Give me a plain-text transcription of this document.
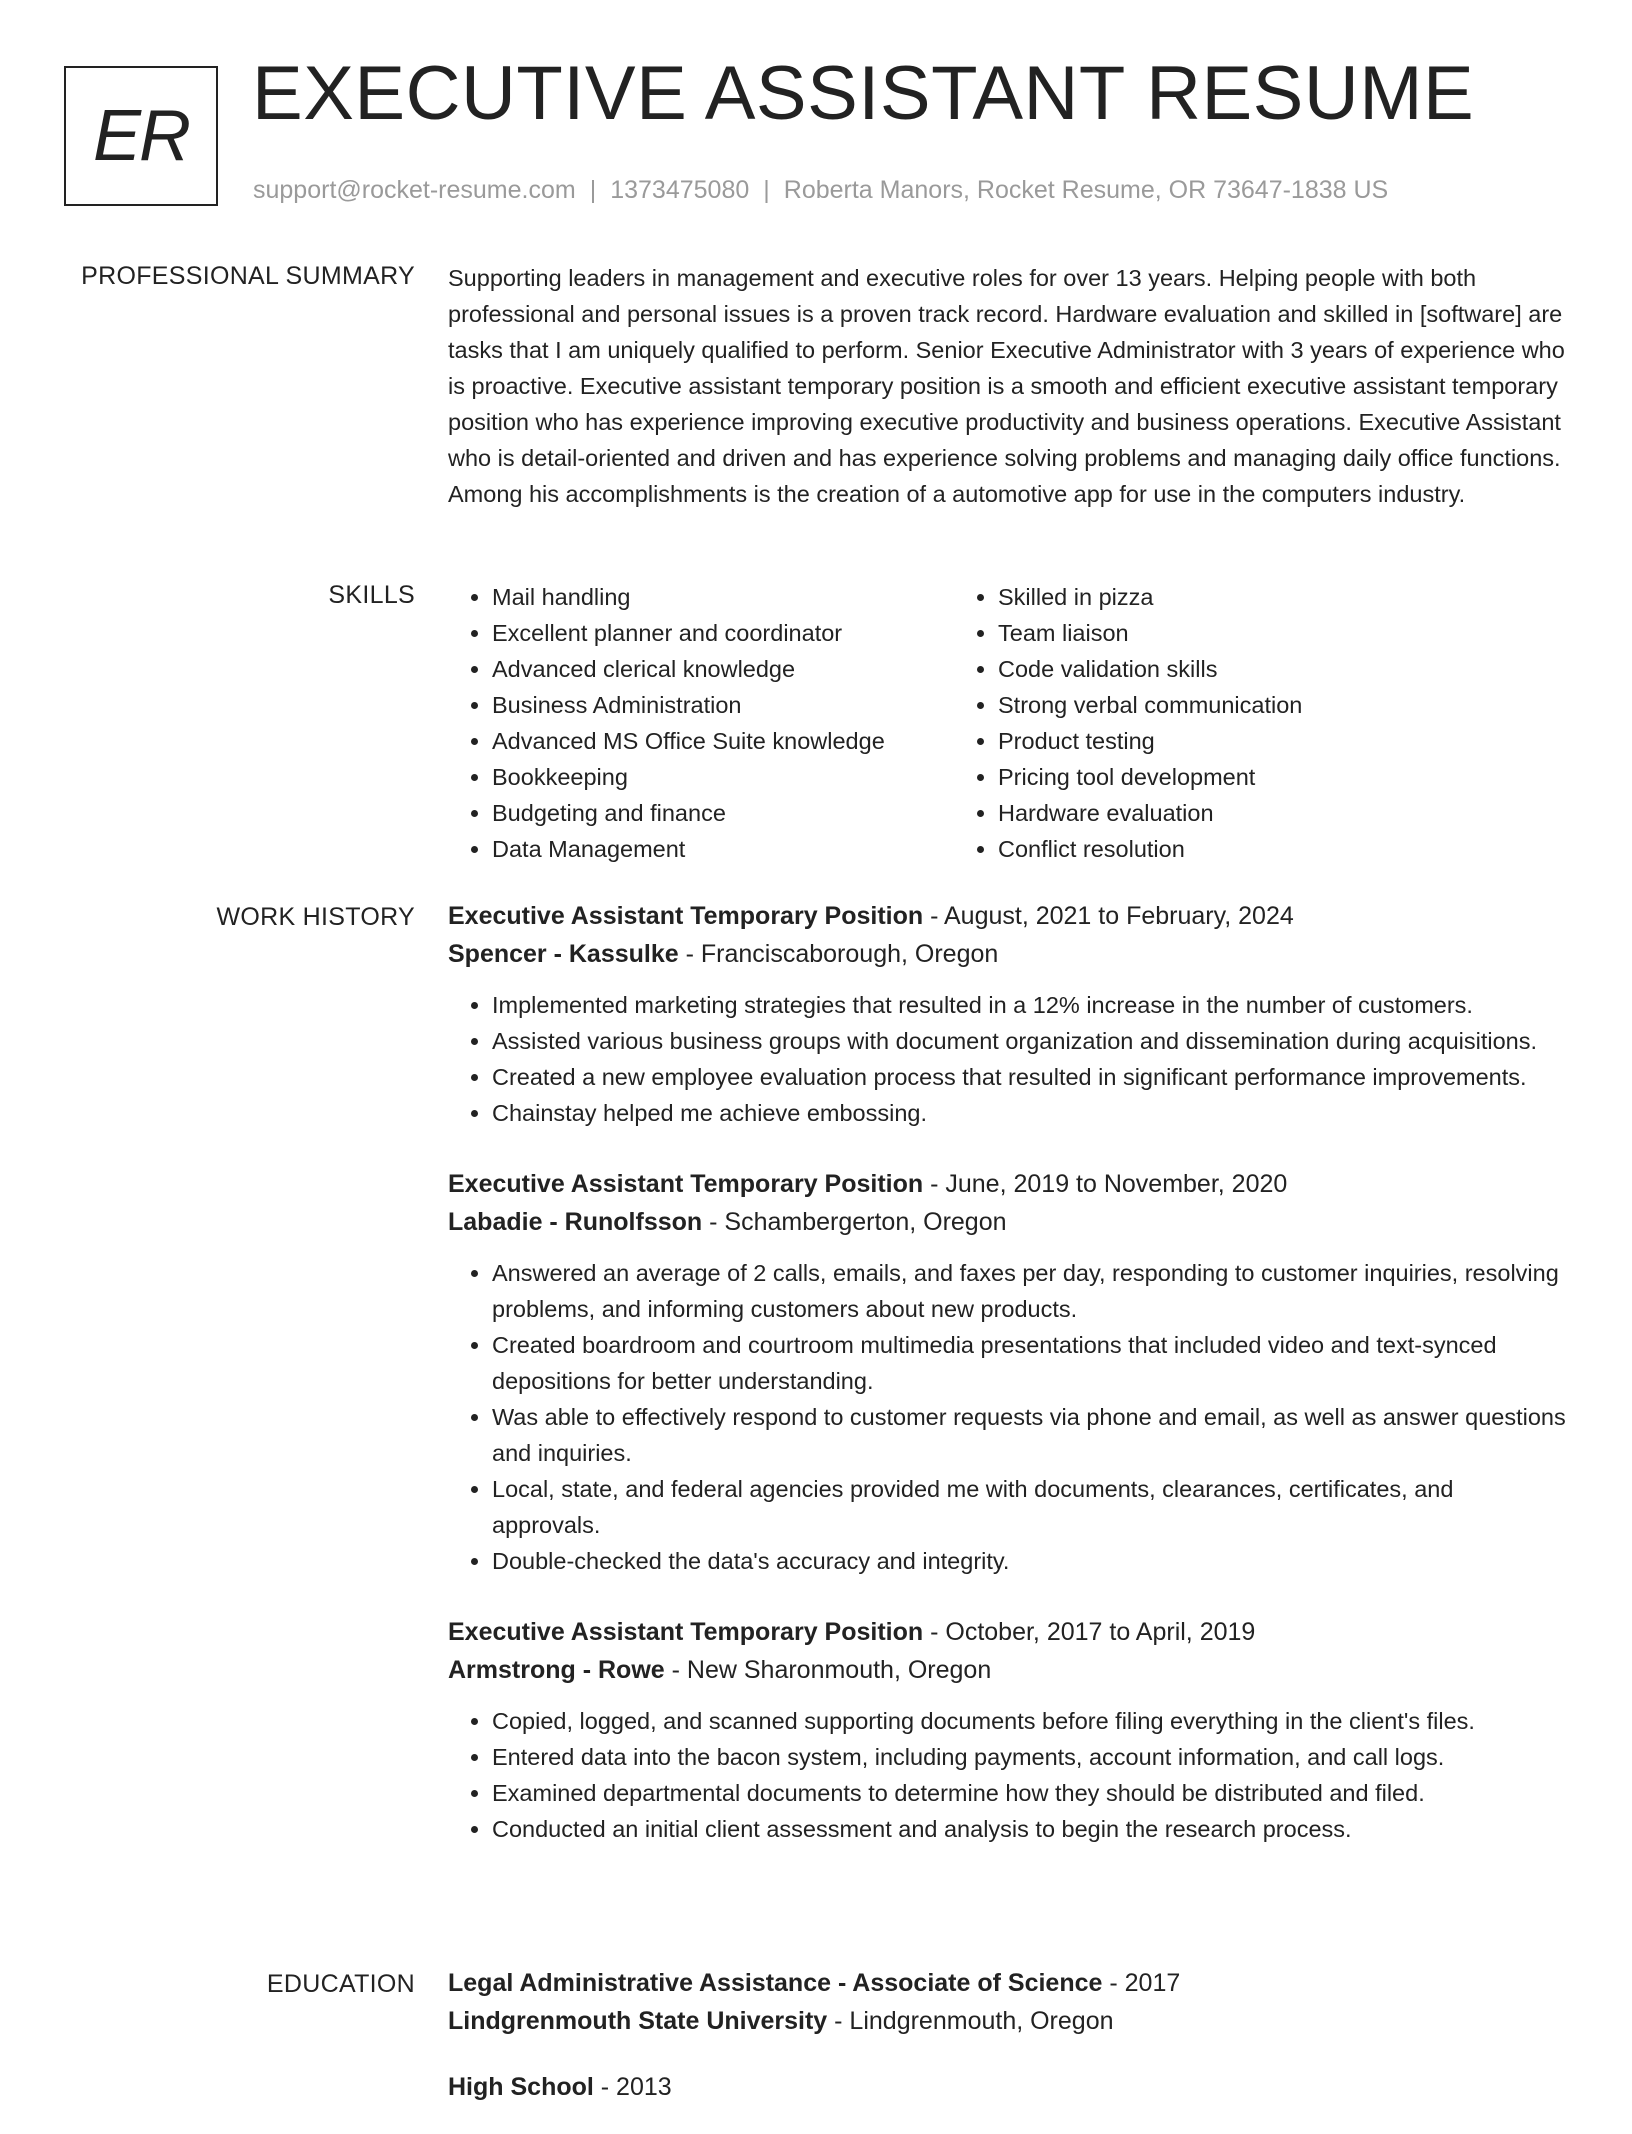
ER EXECUTIVE ASSISTANT RESUME
support@rocket-resume.com | 1373475080 | Roberta Manors, Rocket Resume, OR 73647-1838 US
PROFESSIONAL SUMMARY Supporting leaders in management and executive roles for over 13 years. Helping people with both professional and personal issues is a proven track record. Hardware evaluation and skilled in [software] are tasks that I am uniquely qualified to perform. Senior Executive Administrator with 3 years of experience who is proactive. Executive assistant temporary position is a smooth and efficient executive assistant temporary position who has experience improving executive productivity and business operations. Executive Assistant who is detail-oriented and driven and has experience solving problems and managing daily office functions. Among his accomplishments is the creation of a automotive app for use in the computers industry.

SKILLS
•	Mail handling
• Excellent planner and coordinator
• Advanced clerical knowledge
• Business Administration
• Advanced MS Office Suite knowledge
• Bookkeeping
• Budgeting and finance
• Data Management
• Skilled in pizza
• Team liaison
• Code validation skills
• Strong verbal communication
• Product testing
• Pricing tool development
• Hardware evaluation
• Conflict resolution
WORK HISTORY Executive Assistant Temporary Position - August, 2021 to February, 2024
Spencer - Kassulke - Franciscaborough, Oregon
• Implemented marketing strategies that resulted in a 12% increase in the number of customers.
• Assisted various business groups with document organization and dissemination during acquisitions.
• Created a new employee evaluation process that resulted in significant performance improvements.
• Chainstay helped me achieve embossing.
Executive Assistant Temporary Position - June, 2019 to November, 2020
Labadie - Runolfsson - Schambergerton, Oregon
• Answered an average of 2 calls, emails, and faxes per day, responding to customer inquiries, resolving problems, and informing customers about new products.
• Created boardroom and courtroom multimedia presentations that included video and text-synced depositions for better understanding.
• Was able to effectively respond to customer requests via phone and email, as well as answer questions and inquiries.
• Local, state, and federal agencies provided me with documents, clearances, certificates, and approvals.
• Double-checked the data's accuracy and integrity.
Executive Assistant Temporary Position - October, 2017 to April, 2019
Armstrong - Rowe - New Sharonmouth, Oregon
• Copied, logged, and scanned supporting documents before filing everything in the client's files.
• Entered data into the bacon system, including payments, account information, and call logs.
• Examined departmental documents to determine how they should be distributed and filed.
• Conducted an initial client assessment and analysis to begin the research process.
EDUCATION Legal Administrative Assistance - Associate of Science - 2017
Lindgrenmouth State University - Lindgrenmouth, Oregon
High School - 2013
